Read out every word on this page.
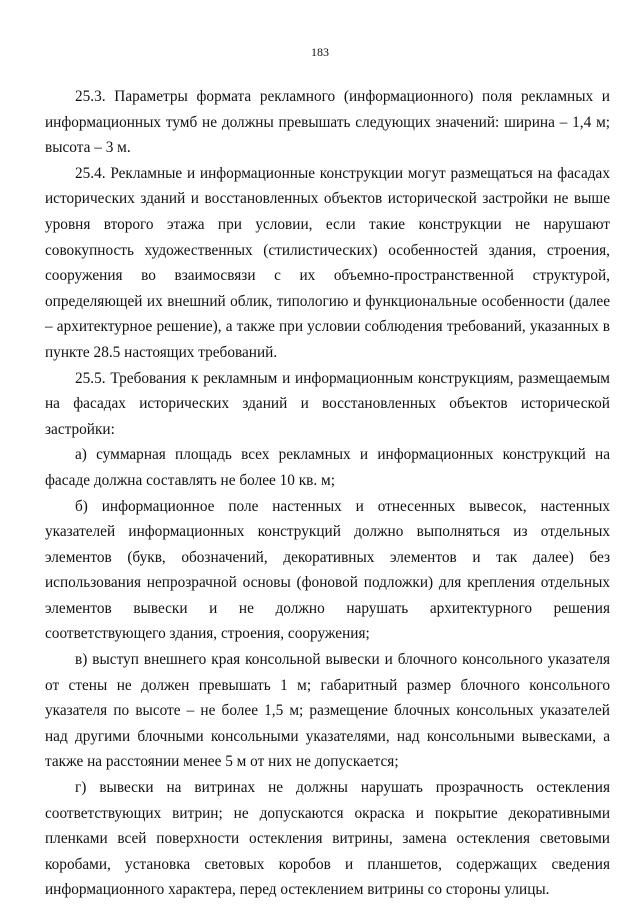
183

25.3. Параметры формата рекламного (информационного) поля рекламных и информационных тумб не должны превышать следующих значений: ширина – 1,4 м; высота – 3 м.

25.4. Рекламные и информационные конструкции могут размещаться на фасадах исторических зданий и восстановленных объектов исторической застройки не выше уровня второго этажа при условии, если такие конструкции не нарушают совокупность художественных (стилистических) особенностей здания, строения, сооружения во взаимосвязи с их объемно-пространственной структурой, определяющей их внешний облик, типологию и функциональные особенности (далее – архитектурное решение), а также при условии соблюдения требований, указанных в пункте 28.5 настоящих требований.

25.5. Требования к рекламным и информационным конструкциям, размещаемым на фасадах исторических зданий и восстановленных объектов исторической застройки:

а) суммарная площадь всех рекламных и информационных конструкций на фасаде должна составлять не более 10 кв. м;

б) информационное поле настенных и отнесенных вывесок, настенных указателей информационных конструкций должно выполняться из отдельных элементов (букв, обозначений, декоративных элементов и так далее) без использования непрозрачной основы (фоновой подложки) для крепления отдельных элементов вывески и не должно нарушать архитектурного решения соответствующего здания, строения, сооружения;

в) выступ внешнего края консольной вывески и блочного консольного указателя от стены не должен превышать 1 м; габаритный размер блочного консольного указателя по высоте – не более 1,5 м; размещение блочных консольных указателей над другими блочными консольными указателями, над консольными вывесками, а также на расстоянии менее 5 м от них не допускается;

г) вывески на витринах не должны нарушать прозрачность остекления соответствующих витрин; не допускаются окраска и покрытие декоративными пленками всей поверхности остекления витрины, замена остекления световыми коробами, установка световых коробов и планшетов, содержащих сведения информационного характера, перед остеклением витрины со стороны улицы.
